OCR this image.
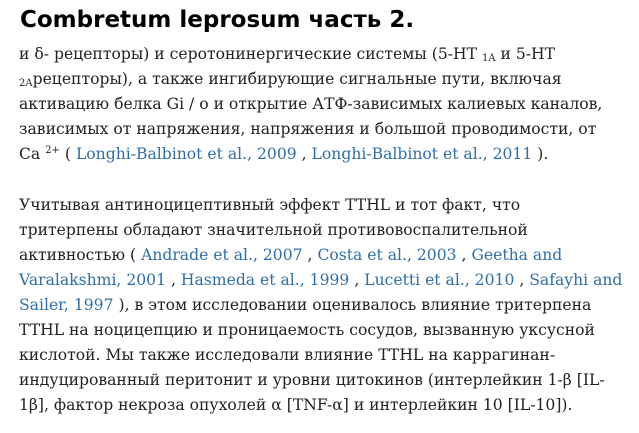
Combretum leprosum часть 2.
и δ- рецепторы) и серотонинергические системы (5-HT $_{1A}$ и 5-HT
$_{2A}$рецепторы), а также ингибирующие сигнальные пути, включая
активацию белка Gi / o и открытие АТФ-зависимых калиевых каналов,
зависимых от напряжения, напряжения и большой проводимости, от
Ca $^{2+}$ ( Longhi-Balbinot et al., 2009 , Longhi-Balbinot et al., 2011 ).
Учитывая антиноцицептивный эффект TTHL и тот факт, что
тритерпены обладают значительной противовоспалительной
активностью ( Andrade et al., 2007 , Costa et al., 2003 , Geetha and
Varalakshmi, 2001 , Hasmeda et al., 1999 , Lucetti et al., 2010 , Safayhi and
Sailer, 1997 ), в этом исследовании оценивалось влияние тритерпена
TTHL на ноцицепцию и проницаемость сосудов, вызванную уксусной
кислотой. Мы также исследовали влияние TTHL на каррагинан-
индуцированный перитонит и уровни цитокинов (интерлейкин 1-β [IL-
1β], фактор некроза опухолей α [TNF-α] и интерлейкин 10 [IL-10]).
